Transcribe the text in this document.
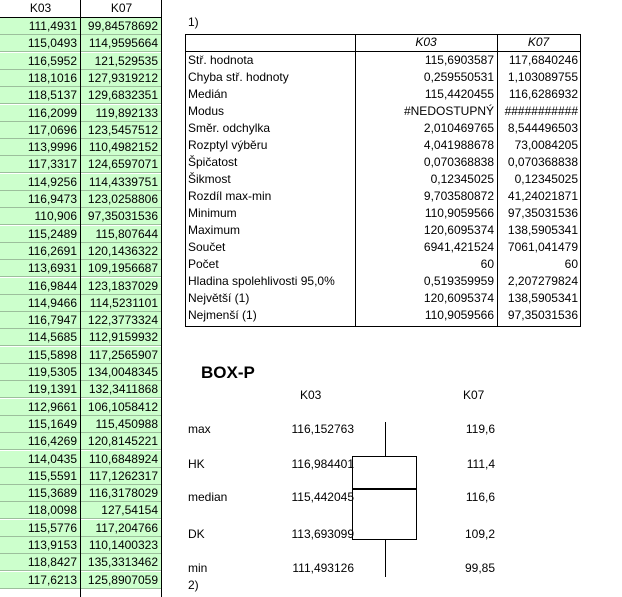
K03	K07
111,4931 99,84578692
115,0493 114,9595664
116,5952	121,529535
118,1016 127,9319212
118,5137 129,6832351
116,2099	119,892133
117,0696 123,5457512
113,9996 110,4982152
117,3317 124,6597071
114,9256 114,4339751
116,9473 123,0258806
110,906 97,35031536
115,2489	115,807644
116,2691 120,1436322
113,6931 109,1956687
116,9844 123,1837029
114,9466	114,5231101
116,7947 122,3773324
114,5685 112,9159932
115,5898 117,2565907
119,5305 134,0048345
119,1391 132,3411868
112,9661 106,1058412
115,1649	115,450988
116,4269 120,8145221
114,0435 110,6848924
115,5591 117,1262317
115,3689 116,3178029
118,0098	127,54154
115,5776	117,204766
113,9153 110,1400323
118,8427 135,3313462
117,6213 125,8907059
1)
2)
K03	K07
Stř. hodnota	115,6903587	117,6840246
Chyba stř. hodnoty	0,259550531	1,103089755
Medián	115,4420455	116,6286932
Modus	#NEDOSTUPNÝ ###########
Směr. odchylka	2,010469765	8,544496503
Rozptyl výběru	4,041988678	73,0084205
Špičatost	0,070368838	0,070368838
Šikmost	0,12345025	0,12345025
Rozdíl max-min	9,703580872	41,24021871
Minimum	110,9059566	97,35031536
Maximum	120,6095374	138,5905341
Součet	6941,421524	7061,041479
Počet	60	60
Hladina spolehlivosti 95,0%	0,519359959	2,207279824
Největší (1)	120,6095374	138,5905341
Nejmenší (1)	110,9059566	97,35031536
BOX-P
K03	K07
max	116,152763	119,6
HK	116,984401	111,4
median	115,442045	116,6
DK	113,693099	109,2
min	111,493126	99,85
